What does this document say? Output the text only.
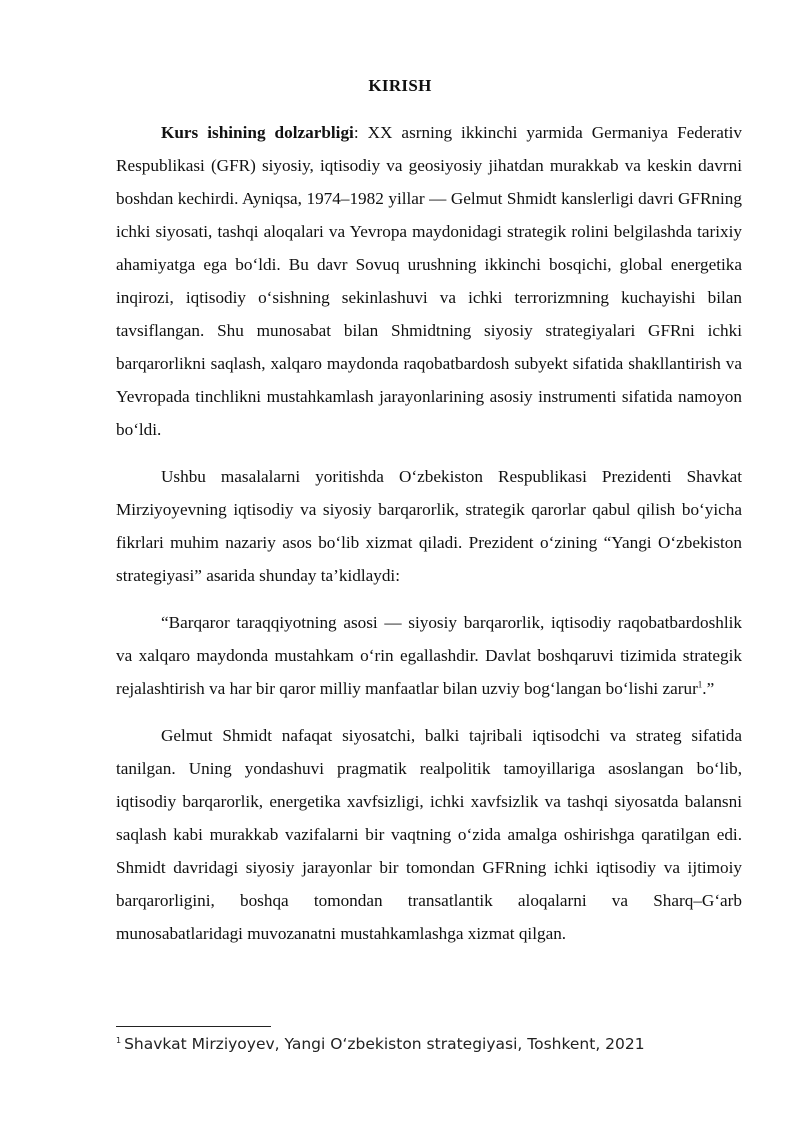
KIRISH

Kurs ishining dolzarbligi: XX asrning ikkinchi yarmida Germaniya Federativ Respublikasi (GFR) siyosiy, iqtisodiy va geosiyosiy jihatdan murakkab va keskin davrni boshdan kechirdi. Ayniqsa, 1974–1982 yillar — Gelmut Shmidt kanslerligi davri GFRning ichki siyosati, tashqi aloqalari va Yevropa maydonidagi strategik rolini belgilashda tarixiy ahamiyatga ega bo‘ldi. Bu davr Sovuq urushning ikkinchi bosqichi, global energetika inqirozi, iqtisodiy o‘sishning sekinlashuvi va ichki terrorizmning kuchayishi bilan tavsiflangan. Shu munosabat bilan Shmidtning siyosiy strategiyalari GFRni ichki barqarorlikni saqlash, xalqaro maydonda raqobatbardosh subyekt sifatida shakllantirish va Yevropada tinchlikni mustahkamlash jarayonlarining asosiy instrumenti sifatida namoyon bo‘ldi.

Ushbu masalalarni yoritishda O‘zbekiston Respublikasi Prezidenti Shavkat Mirziyoyevning iqtisodiy va siyosiy barqarorlik, strategik qarorlar qabul qilish bo‘yicha fikrlari muhim nazariy asos bo‘lib xizmat qiladi. Prezident o‘zining “Yangi O‘zbekiston strategiyasi” asarida shunday ta’kidlaydi:

“Barqaror taraqqiyotning asosi — siyosiy barqarorlik, iqtisodiy raqobatbardoshlik va xalqaro maydonda mustahkam o‘rin egallashdir. Davlat boshqaruvi tizimida strategik rejalashtirish va har bir qaror milliy manfaatlar bilan uzviy bog‘langan bo‘lishi zarur$^1$.”

Gelmut Shmidt nafaqat siyosatchi, balki tajribali iqtisodchi va strateg sifatida tanilgan. Uning yondashuvi pragmatik realpolitik tamoyillariga asoslangan bo‘lib, iqtisodiy barqarorlik, energetika xavfsizligi, ichki xavfsizlik va tashqi siyosatda balansni saqlash kabi murakkab vazifalarni bir vaqtning o‘zida amalga oshirishga qaratilgan edi. Shmidt davridagi siyosiy jarayonlar bir tomondan GFRning ichki iqtisodiy va ijtimoiy barqarorligini, boshqa tomondan transatlantik aloqalarni va Sharq–G‘arb munosabatlaridagi muvozanatni mustahkamlashga xizmat qilgan.

$^1$ Shavkat Mirziyoyev, Yangi O‘zbekiston strategiyasi, Toshkent, 2021
